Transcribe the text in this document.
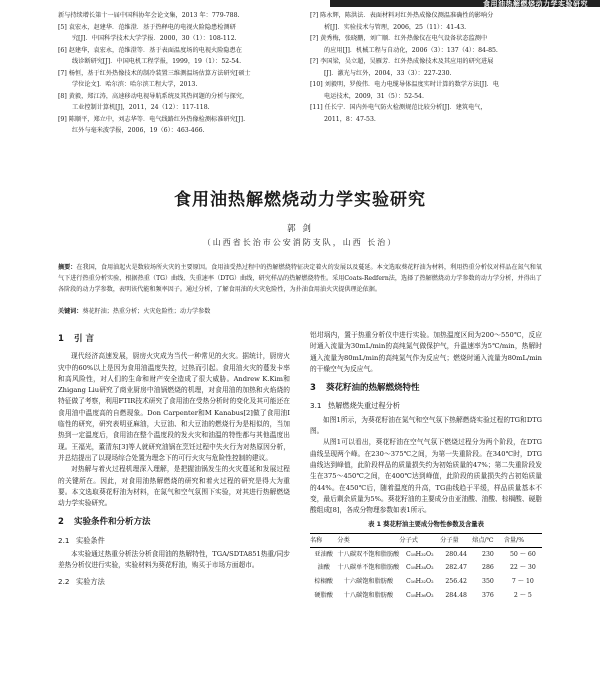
食用油热解燃烧动力学实验研究
新与持续增长第十一届中国科协年会论文集，2013 年：779-788.
[5] 袁宏永，赵建华．范维澄．基于热释电的电视火险隐患检测研
究[J]．中国科学技术大学学报．2000，30（1）：108-112.
[6] 赵建华，袁宏永，范维澄等．基于表面温度场的电视火险隐患在
线诊断研究[J]．中国电机工程学报，1999，19（1）：52-54.
[7] 杨恒，基于红外热像技术的制冷装置三维测温场估算方法研究[硕士
学位论文]．哈尔滨：哈尔滨工程大学，2013.
[8] 黄毅，郑江涛，高速移动电视导航系统及其热问题的分析与探究，
工业控制计算机[J]，2011，24（12）：117-118.
[9] 陈顺平，郑立中，刘志华等．电气线路红外热像检测标准研究[J].
红外与毫米波学报，2006，19（6）：463-466.
[?] 陈永辉，陈洪法．表面材料对红外热成像仪测温准确性的影响分
析[J]．实验技术与管理，2006，25（11）：41-43.
[?] 黄秀梅，张晓鹏，刘广顺．红外热像仪在电气设备状态监测中
的应用[J]．机械工程与自动化，2006（3）：137（4）：84-85.
[?] 李国梁，吴立超，吴雁芳．红外热成像技术及其应用的研究进展
[J]．激光与红外，2004，33（3）：227-230.
[10] 刘毅明，罗俊伟．电力电缆导体温度实时计算的数学方法[J]．电
电运技术，2009，31（5）：52-54.
[11] 任长宁．国内外电气防火检测规范比较分析[J]．建筑电气，
2011，8：47-53.
食用油热解燃烧动力学实验研究
郭 剑
（山西省长治市公安消防支队，山西 长治）
摘要：在我国，食用油起火是数较场所火灾的主要原因。食用油受热过程中的热解燃烧特征决定着火的发展以及蔓延。本文选取葵花籽油为材料，利用热重分析仪对样品在氮气和氧气下进行热重分析实验，根据热重（TG）曲线、失重速率（DTG）曲线，研究样品的热解燃烧特性。采用Coats-Redfern法，选择了热解燃烧动力学参数的动力学分析，并得出了各阶段的动力学参数，表明该代能和频率因子。通过分析，了解食用油的火灾危险性，为扑油食用油火灾提供理论依据。
关键词：葵花籽油；热重分析；火灾危险性；动力学参数
1 引 言
现代经济高速发展，厨房火灾成为当代一种常见的火灾。据统计，厨房火灾中的60%以上是因为食用油温度失控，过热而引起。食用油火灾的蔓发卡率和高风险性，对人们的生命和财产安全造成了很大威胁。Andrew K.Kim和Zhigang Liu研究了商业厨房中油锅燃烧的机理，对食用油的加热和火焰烧的特征做了考察，利用FTIR技术研究了食用油在受热分析时的变化及其可能还在食用油中温度高的自燃现象。Don Carpenter和M Kanabus[2]做了食用油I临性的研究，研究表明亚麻油，大豆油、和大豆油的燃烧行为是相似的，当加热到一定温度后，食用油在整个温度段的发火灾和油温的特性都与其他温度出现。王福光，董清东[3]等人就研究油锅在烹饪过程中失火行为对热原因分析，并总结提出了以现场综合处置为理念下的可行火灾与危险性控制的建议。
对热解与着火过程机理深入理解，是把握油锅发生的火灾蔓延和发展过程的关键所在。因此，对食用油热解燃烧的研究和着火过程的研究是得大为重要。本文选取葵花籽油为材料，在氮气和空气氛围下实验，对其进行热解燃烧动力学实验研究。
2 实验条件和分析方法
2.1 实验条件
本实验通过热重分析法分析食用油的热解特性，TGA/SDTA851热重/同步差热分析仪进行实验，实验材料为葵花籽油，购买于市场方面超市。
2.2 实验方法
铝坩埚内，置于热重分析仪中进行实验。加热温度区间为200～550℃，反应时通入流量为30mL/min的高纯氮气做保护气，升温速率为5℃/min，热解时通入流量为80mL/min的高纯氮气作为反应气；燃烧时通入流量为80mL/min的干燥空气为反应气。
3 葵花籽油的热解燃烧特性
3.1 热解燃烧失重过程分析
如图1所示，为葵花籽油在氮气和空气氛下热解燃烧实验过程的TG和DTG图。
从图1可以看出，葵花籽油在空气气氛下燃烧过程分为两个阶段，在DTG曲线呈现两个峰。在230～375℃之间，为第一失重阶段。在340℃时，DTG曲线达到峰值，此阶段样品的质量损失约为初始质量的47%；第二失重阶段发生在375～450℃之间，在400℃达到峰值，此阶段的质量损失约占初始质量的44%。在450℃后，随着温度的升高，TG曲线趋于平缓，样品质量基本不变，最后剩余质量为5%。葵花籽油的主要成分由亚油酸、油酸、棕榈酸、硬脂酸组成[8]，各成分物理参数如表1所示。
表 1 葵花籽油主要成分物性参数及含量表
名称	分类	分子式	分子量	熔点/℃	含量/%
亚油酸	十八碳双不饱和脂肪酸	C₁₈H₃₂O₂	280.44	230	50 ～ 60
油酸	十八碳单不饱和脂肪酸	C₁₈H₃₄O₂	282.47	286	22 ～ 30
棕榈酸	十六碳饱和脂肪酸	C₁₆H₃₂O₂	256.42	350	7 ～ 10
硬脂酸	十八碳饱和脂肪酸	C₁₈H₃₆O₂	284.48	376	2 ～ 5
